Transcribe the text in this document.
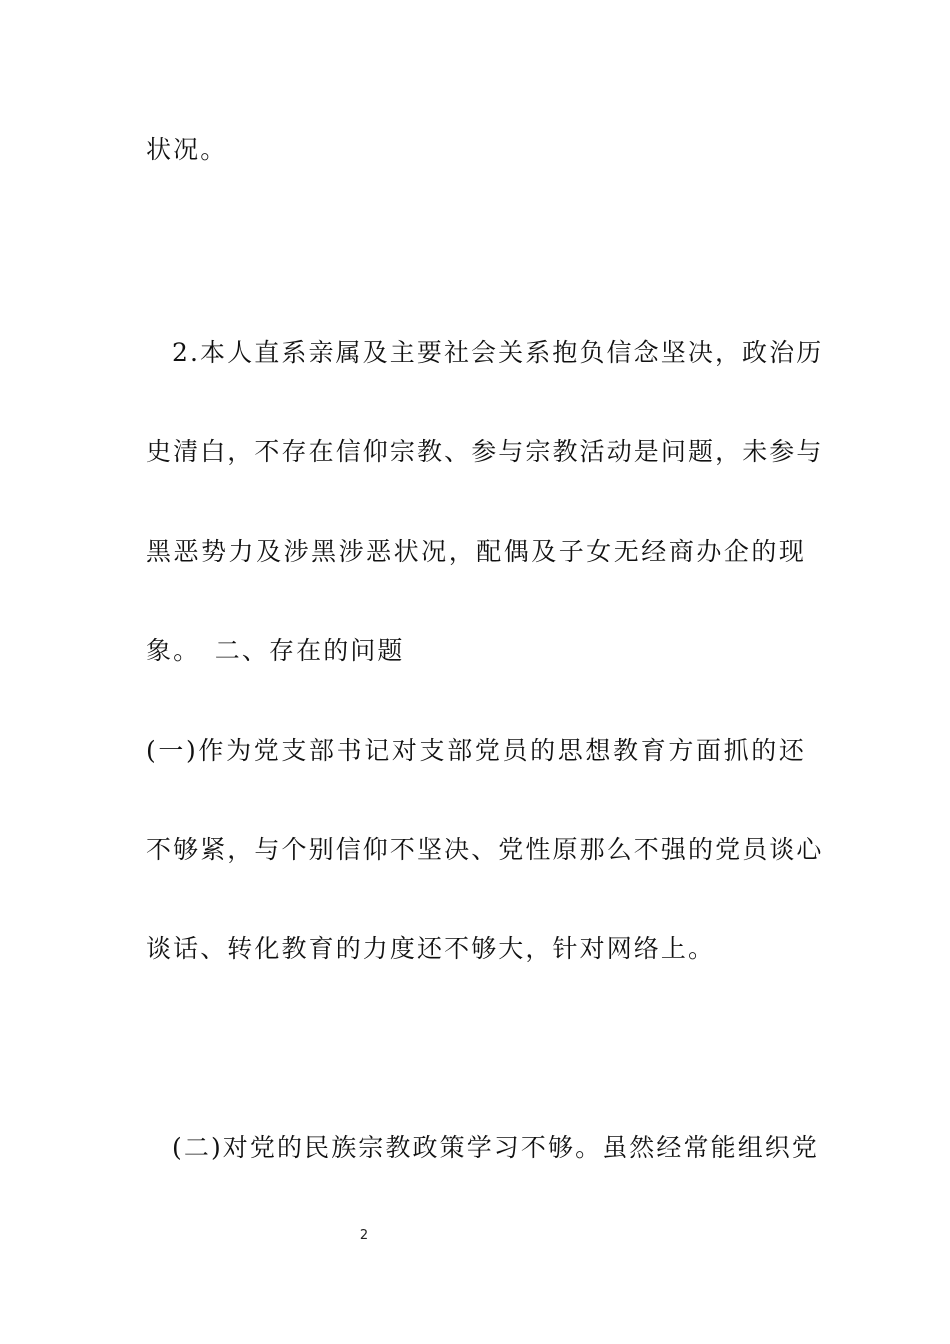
状况。
2.本人直系亲属及主要社会关系抱负信念坚决，政治历
史清白，不存在信仰宗教、参与宗教活动是问题，未参与
黑恶势力及涉黑涉恶状况，配偶及子女无经商办企的现
象。　二、存在的问题
(一)作为党支部书记对支部党员的思想教育方面抓的还
不够紧，与个别信仰不坚决、党性原那么不强的党员谈心
谈话、转化教育的力度还不够大，针对网络上。
(二)对党的民族宗教政策学习不够。虽然经常能组织党
2
